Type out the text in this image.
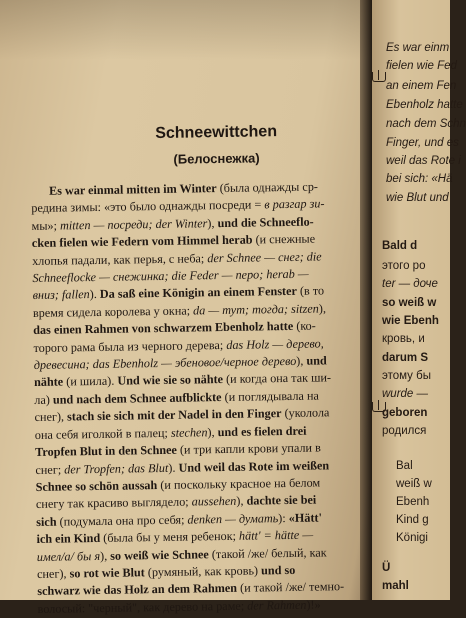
Schneewittchen
(Белоснежка)
Es war einmal mitten im Winter (была однажды ср-
редина зимы: «это было однажды посреди = в разгар зи-
мы»; mitten — посреди; der Winter), und die Schneeflo-
cken fielen wie Federn vom Himmel herab (и снежные
хлопья падали, как перья, с неба; der Schnee — снег; die
Schneeflocke — снежинка; die Feder — перо; herab —
вниз; fallen). Da saß eine Königin an einem Fenster (в то
время сидела королева у окна; da — тут; тогда; sitzen),
das einen Rahmen von schwarzem Ebenholz hatte (ко-
торого рама была из черного дерева; das Holz — дерево,
древесина; das Ebenholz — эбеновое/черное дерево), und
nähte (и шила). Und wie sie so nähte (и когда она так ши-
ла) und nach dem Schnee aufblickte (и поглядывала на
снег), stach sie sich mit der Nadel in den Finger (уколола
она себя иголкой в палец; stechen), und es fielen drei
Tropfen Blut in den Schnee (и три капли крови упали в
снег; der Tropfen; das Blut). Und weil das Rote im weißen
Schnee so schön aussah (и поскольку красное на белом
снегу так красиво выглядело; aussehen), dachte sie bei
sich (подумала она про себя; denken — думать): «Hätt'
ich ein Kind (была бы у меня ребенок; hätt' = hätte —
имел/а/ бы я), so weiß wie Schnee (такой /же/ белый, как
снег), so rot wie Blut (румяный, как кровь) und so
schwarz wie das Holz an dem Rahmen (и такой /же/ темно-
волосый: "черный", как дерево на раме; der Rahmen)!»
Es war einm
fielen wie Fed
an einem Fen
Ebenholz hatte
nach dem Schn
Finger, und es
weil das Rote i
bei sich: «Hä
wie Blut und
Bald d
этого ро
ter — доче
so weiß w
wie Ebenh
кровь, и
darum S
этому бы
wurde —
geboren
родился
Bal
weiß w
Ebenh
Kind g
Königi
Ü
mahl
